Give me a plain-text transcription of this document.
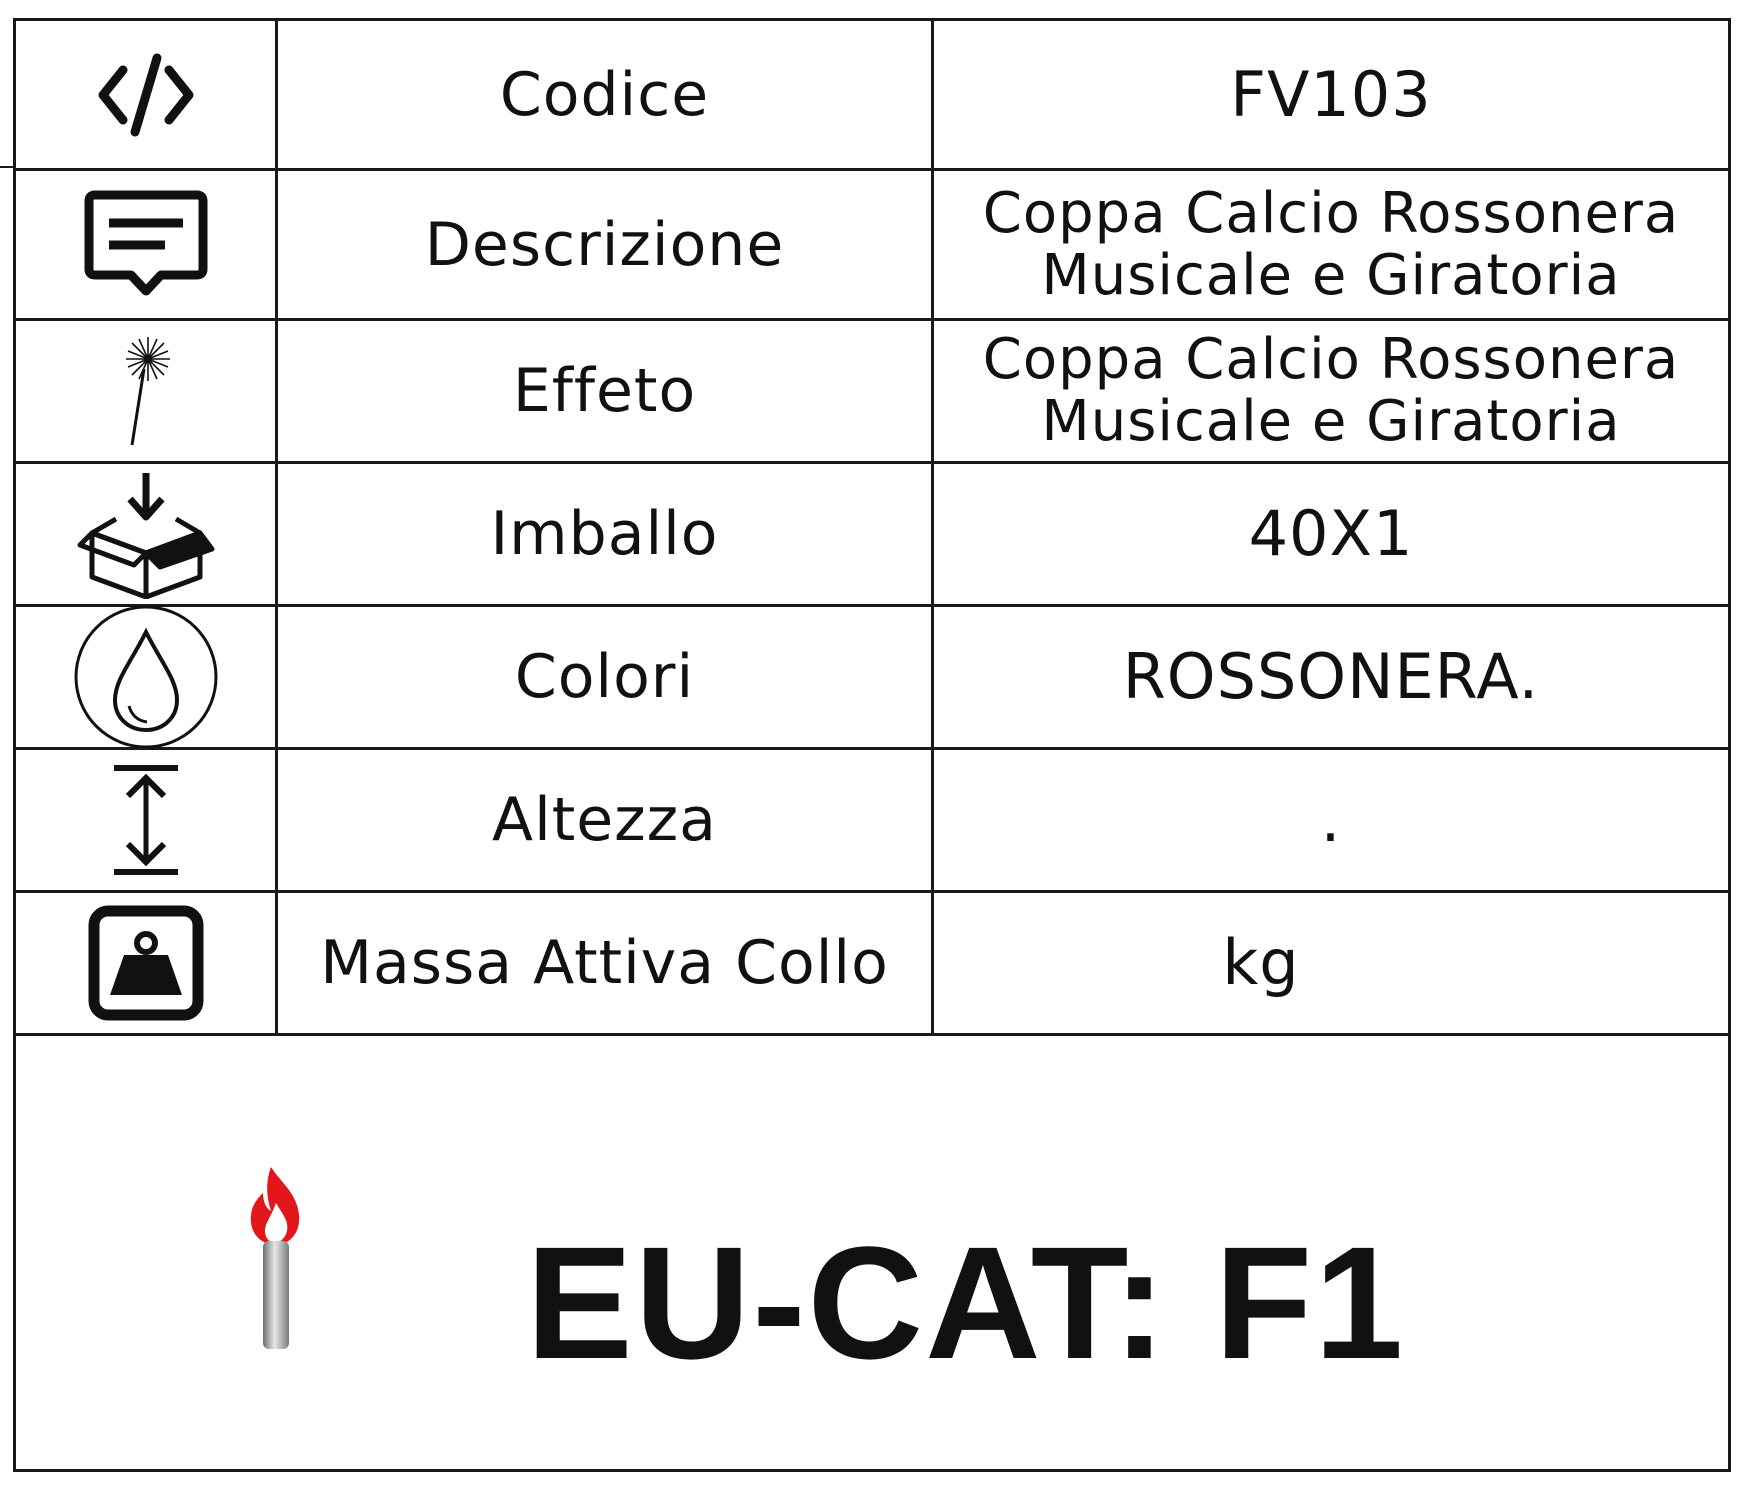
Codice	FV103
Descrizione	Coppa Calcio Rossonera
Musicale e Giratoria
Effeto	Coppa Calcio Rossonera
Musicale e Giratoria
Imballo	40X1
Colori	ROSSONERA.
Altezza	.
Massa Attiva Collo	kg
EU-CAT: F1
